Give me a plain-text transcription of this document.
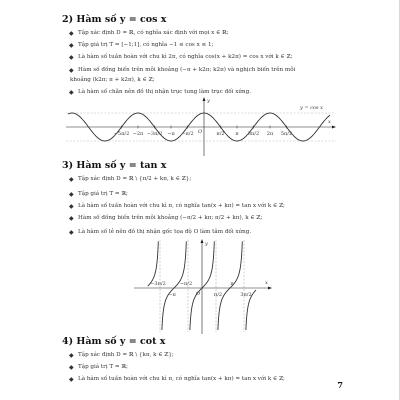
2) Hàm số y = cos x
◆ Tập xác định D = ℝ, có nghĩa xác định với mọi x ∈ ℝ;
◆ Tập giá trị T = [−1;1], có nghĩa −1 ≤ cos x ≤ 1;
◆ Là hàm số tuần hoàn với chu kì 2π, có nghĩa cos(x + k2π) = cos x với k ∈ ℤ;
◆ Hàm số đồng biến trên mỗi khoảng (−π + k2π; k2π) và nghịch biến trên mỗi
khoảng (k2π; π + k2π), k ∈ ℤ;
◆ Là hàm số chẵn nên đồ thị nhận trục tung làm trục đối xứng.
−5π/2 −2π −3π/2 −π −π/2	π/2 π 3π/2 2π 5π/2
x
y
O
y = cos x
3) Hàm số y = tan x
◆ Tập xác định D = ℝ \ {π/2 + kπ, k ∈ ℤ};
◆ Tập giá trị T = ℝ;
◆ Là hàm số tuần hoàn với chu kì π, có nghĩa tan(x + kπ) = tan x với k ∈ ℤ;
◆ Hàm số đồng biến trên mỗi khoảng (−π/2 + kπ; π/2 + kπ), k ∈ ℤ;
◆ Là hàm số lẻ nên đồ thị nhận gốc tọa độ O làm tâm đối xứng.
−3π/2
−π
−π/2
π/2
π
3π/2
x
y
O
4) Hàm số y = cot x
◆ Tập xác định D = ℝ \ {kπ, k ∈ ℤ};
◆ Tập giá trị T = ℝ;
◆ Là hàm số tuần hoàn với chu kì π, có nghĩa tan(x + kπ) = tan x với k ∈ ℤ;
7
